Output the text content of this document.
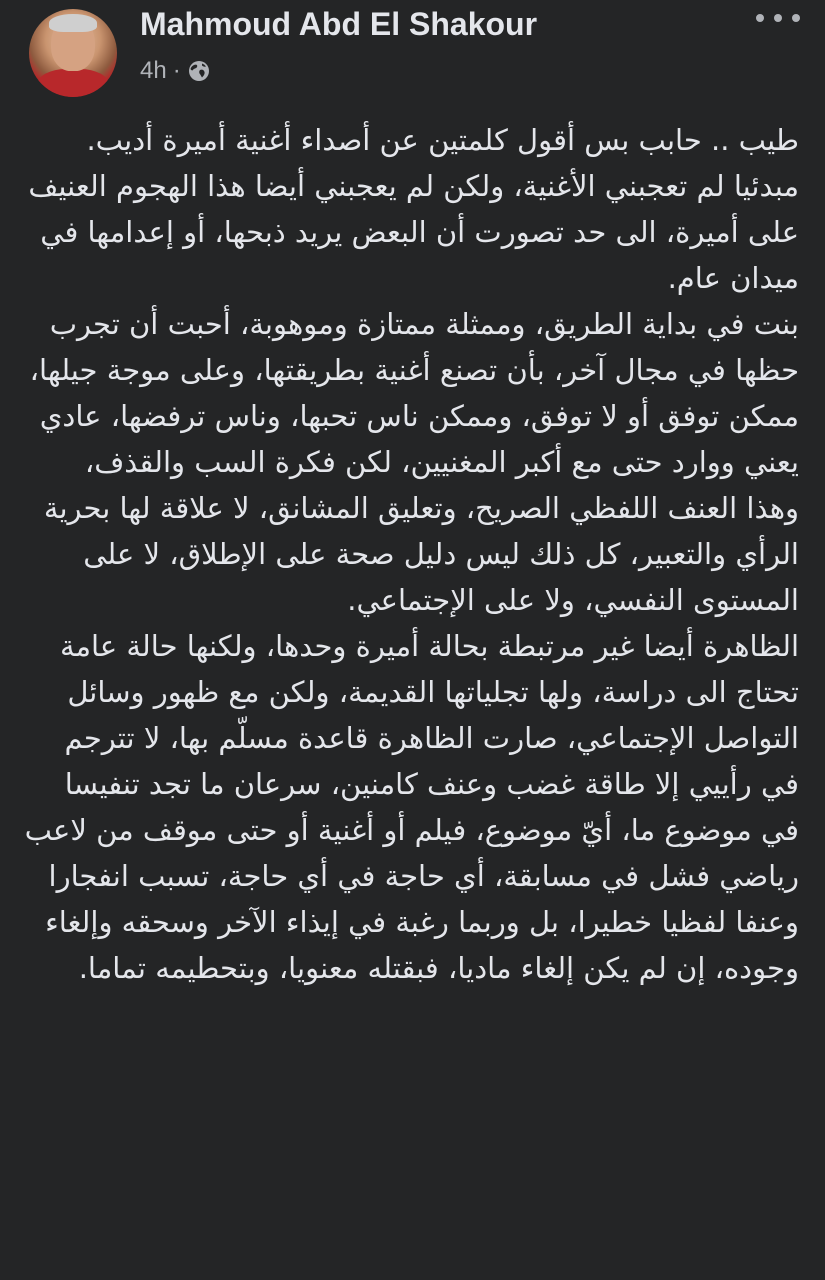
Mahmoud Abd El Shakour
4h ·

طيب .. حابب بس أقول كلمتين عن أصداء أغنية أميرة أديب.

مبدئيا لم تعجبني الأغنية، ولكن لم يعجبني أيضا هذا الهجوم العنيف على أميرة، الى حد تصورت أن البعض يريد ذبحها، أو إعدامها في ميدان عام.

بنت في بداية الطريق، وممثلة ممتازة وموهوبة، أحبت أن تجرب حظها في مجال آخر، بأن تصنع أغنية بطريقتها، وعلى موجة جيلها، ممكن توفق أو لا توفق، وممكن ناس تحبها، وناس ترفضها، عادي يعني ووارد حتى مع أكبر المغنيين، لكن فكرة السب والقذف، وهذا العنف اللفظي الصريح، وتعليق المشانق، لا علاقة لها بحرية الرأي والتعبير، كل ذلك ليس دليل صحة على الإطلاق، لا على المستوى النفسي، ولا على الإجتماعي.

الظاهرة أيضا غير مرتبطة بحالة أميرة وحدها، ولكنها حالة عامة تحتاج الى دراسة، ولها تجلياتها القديمة، ولكن مع ظهور وسائل التواصل الإجتماعي، صارت الظاهرة قاعدة مسلّم بها، لا تترجم في رأييي إلا طاقة غضب وعنف كامنين، سرعان ما تجد تنفيسا في موضوع ما، أيّ موضوع، فيلم أو أغنية أو حتى موقف من لاعب رياضي فشل في مسابقة، أي حاجة في أي حاجة، تسبب انفجارا وعنفا لفظيا خطيرا، بل وربما رغبة في إيذاء الآخر وسحقه وإلغاء وجوده، إن لم يكن إلغاء ماديا، فبقتله معنويا، وبتحطيمه تماما.
